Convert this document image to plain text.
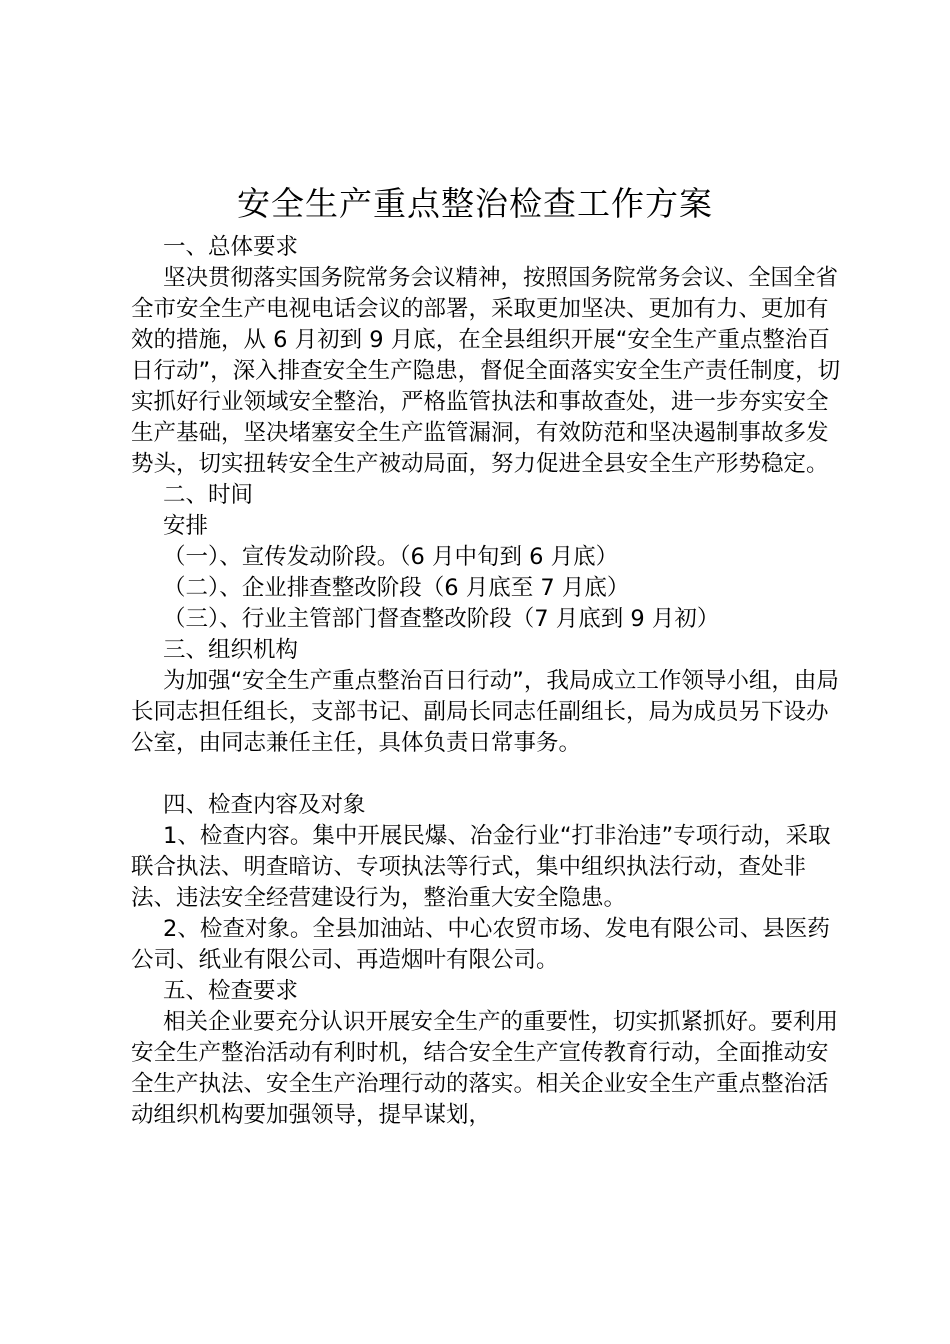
安全生产重点整治检查工作方案

一、总体要求

坚决贯彻落实国务院常务会议精神，按照国务院常务会议、全国全省全市安全生产电视电话会议的部署，采取更加坚决、更加有力、更加有效的措施，从 6 月初到 9 月底，在全县组织开展“安全生产重点整治百日行动”，深入排查安全生产隐患，督促全面落实安全生产责任制度，切实抓好行业领域安全整治，严格监管执法和事故查处，进一步夯实安全生产基础，坚决堵塞安全生产监管漏洞，有效防范和坚决遏制事故多发势头，切实扭转安全生产被动局面，努力促进全县安全生产形势稳定。

二、时间

安排

（一）、宣传发动阶段。（6 月中旬到 6 月底）

（二）、企业排查整改阶段（6 月底至 7 月底）

（三）、行业主管部门督查整改阶段（7 月底到 9 月初）

三、组织机构

为加强“安全生产重点整治百日行动”，我局成立工作领导小组，由局长同志担任组长，支部书记、副局长同志任副组长，局为成员另下设办公室，由同志兼任主任，具体负责日常事务。

四、检查内容及对象

1、检查内容。集中开展民爆、冶金行业“打非治违”专项行动，采取联合执法、明查暗访、专项执法等行式，集中组织执法行动，查处非法、违法安全经营建设行为，整治重大安全隐患。

2、检查对象。全县加油站、中心农贸市场、发电有限公司、县医药公司、纸业有限公司、再造烟叶有限公司。

五、检查要求

相关企业要充分认识开展安全生产的重要性，切实抓紧抓好。要利用安全生产整治活动有利时机，结合安全生产宣传教育行动，全面推动安全生产执法、安全生产治理行动的落实。相关企业安全生产重点整治活动组织机构要加强领导，提早谋划，
